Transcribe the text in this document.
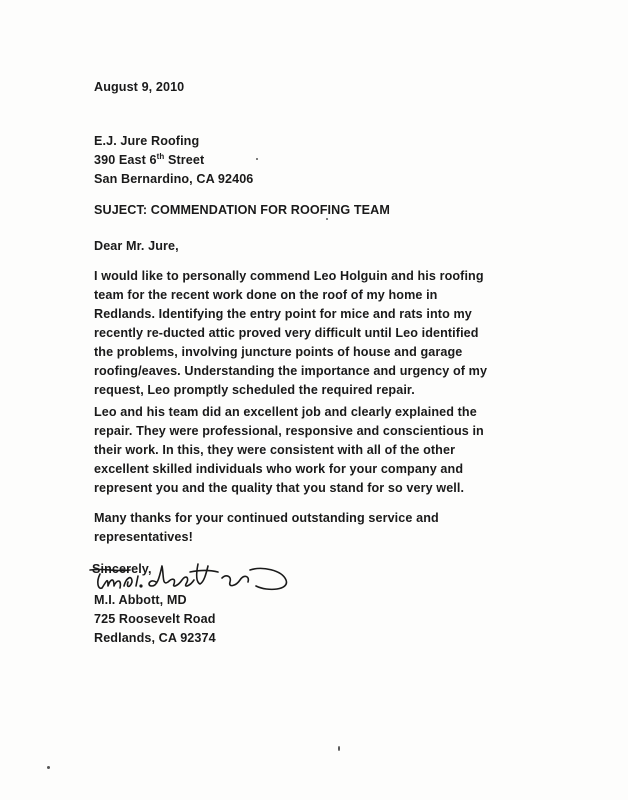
August 9, 2010
E.J. Jure Roofing
390 East 6th Street
San Bernardino, CA 92406
SUJECT: COMMENDATION FOR ROOFING TEAM
Dear Mr. Jure,
I would like to personally commend Leo Holguin and his roofing
team for the recent work done on the roof of my home in
Redlands. Identifying the entry point for mice and rats into my
recently re-ducted attic proved very difficult until Leo identified
the problems, involving juncture points of house and garage
roofing/eaves. Understanding the importance and urgency of my
request, Leo promptly scheduled the required repair.
Leo and his team did an excellent job and clearly explained the
repair. They were professional, responsive and conscientious in
their work. In this, they were consistent with all of the other
excellent skilled individuals who work for your company and
represent you and the quality that you stand for so very well.
Many thanks for your continued outstanding service and
representatives!
Sincerely,
M.I. Abbott, MD
725 Roosevelt Road
Redlands, CA 92374
